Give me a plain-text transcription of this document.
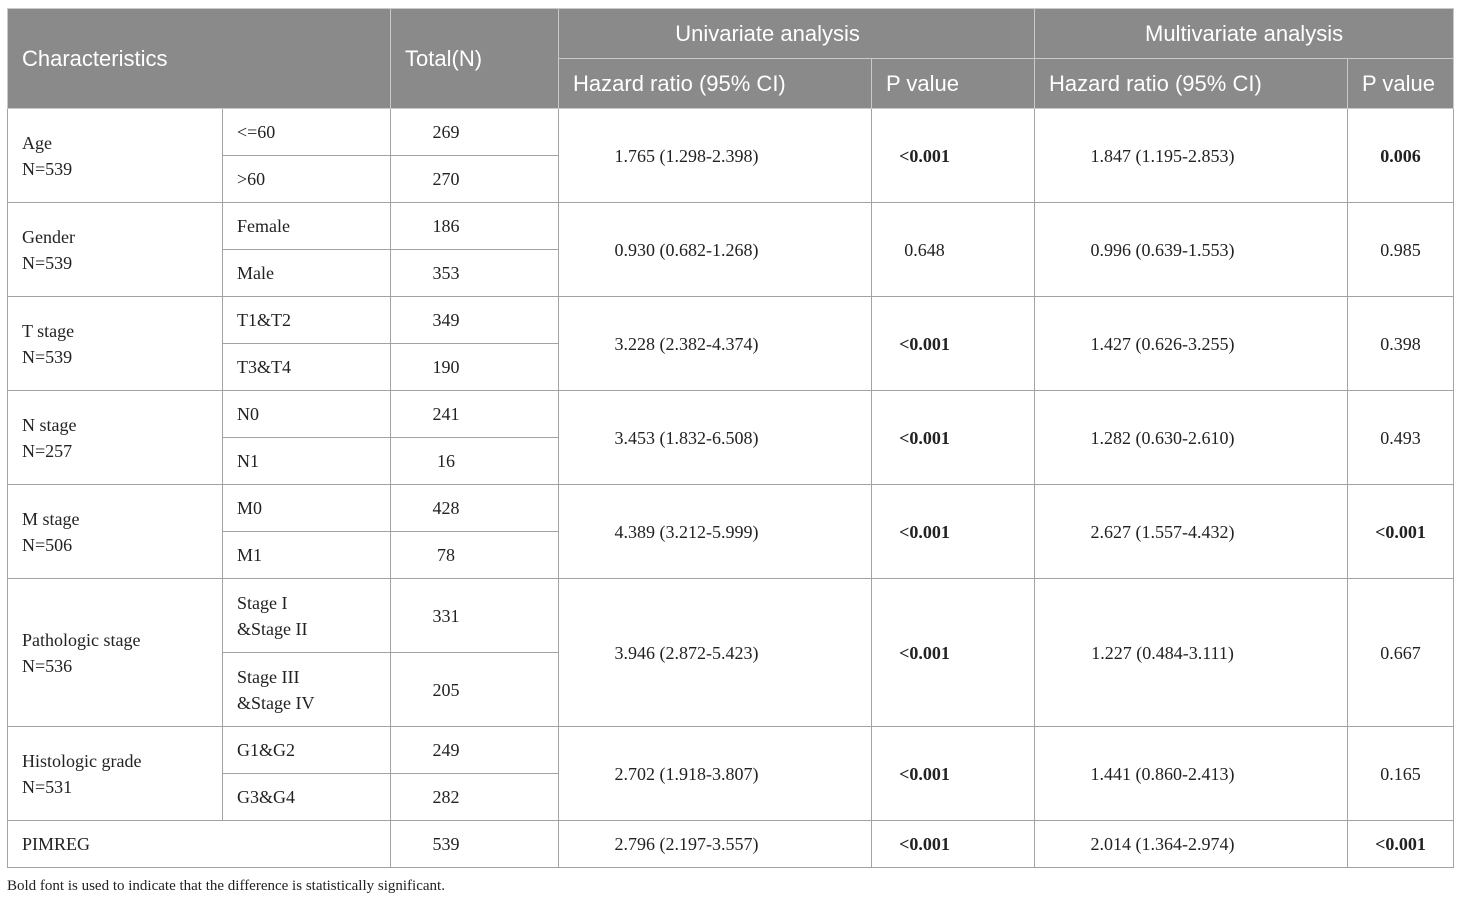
Characteristics		Total(N)	Univariate analysis		Multivariate analysis	
			Hazard ratio (95% CI)	P value	Hazard ratio (95% CI)	P value

Age
N=539	<=60	269	1.765 (1.298-2.398)	<0.001	1.847 (1.195-2.853)	0.006
	>60	270				

Gender
N=539	Female	186	0.930 (0.682-1.268)	0.648	0.996 (0.639-1.553)	0.985
	Male	353				

T stage
N=539	T1&T2	349	3.228 (2.382-4.374)	<0.001	1.427 (0.626-3.255)	0.398
	T3&T4	190				

N stage
N=257	N0	241	3.453 (1.832-6.508)	<0.001	1.282 (0.630-2.610)	0.493
	N1	16				

M stage
N=506	M0	428	4.389 (3.212-5.999)	<0.001	2.627 (1.557-4.432)	<0.001
	M1	78				

Pathologic stage
N=536	Stage I
&Stage II	331	3.946 (2.872-5.423)	<0.001	1.227 (0.484-3.111)	0.667

	Stage III
&Stage IV	205				

Histologic grade
N=531	G1&G2	249	2.702 (1.918-3.807)	<0.001	1.441 (0.860-2.413)	0.165
	G3&G4	282				
PIMREG		539	2.796 (2.197-3.557)	<0.001	2.014 (1.364-2.974)	<0.001
Bold font is used to indicate that the difference is statistically significant.
